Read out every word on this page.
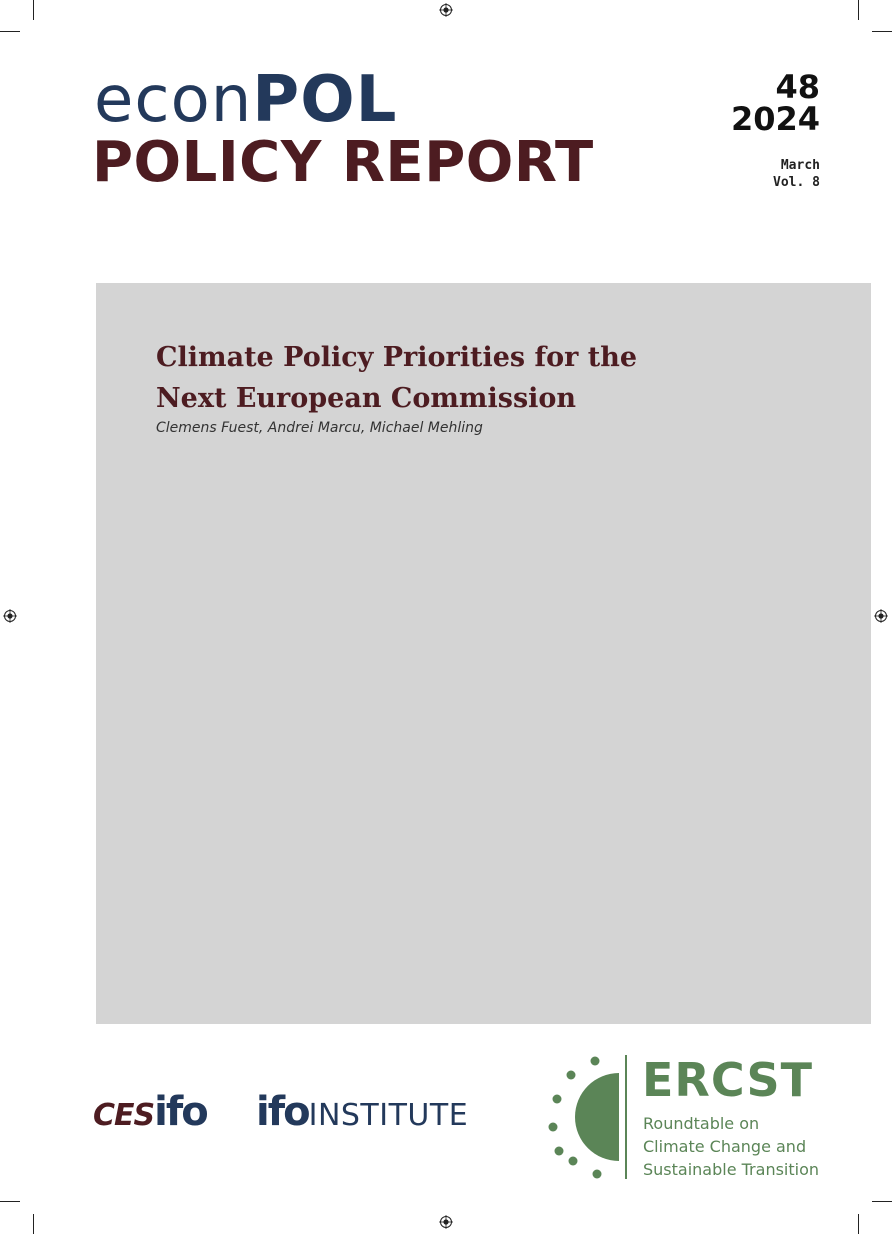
econPOL
POLICY REPORT
48
2024
March
Vol. 8
Climate Policy Priorities for the Next European Commission

Clemens Fuest, Andrei Marcu, Michael Mehling

CESifo ifoINSTITUTE
ERCST
Roundtable on
Climate Change and
Sustainable Transition
